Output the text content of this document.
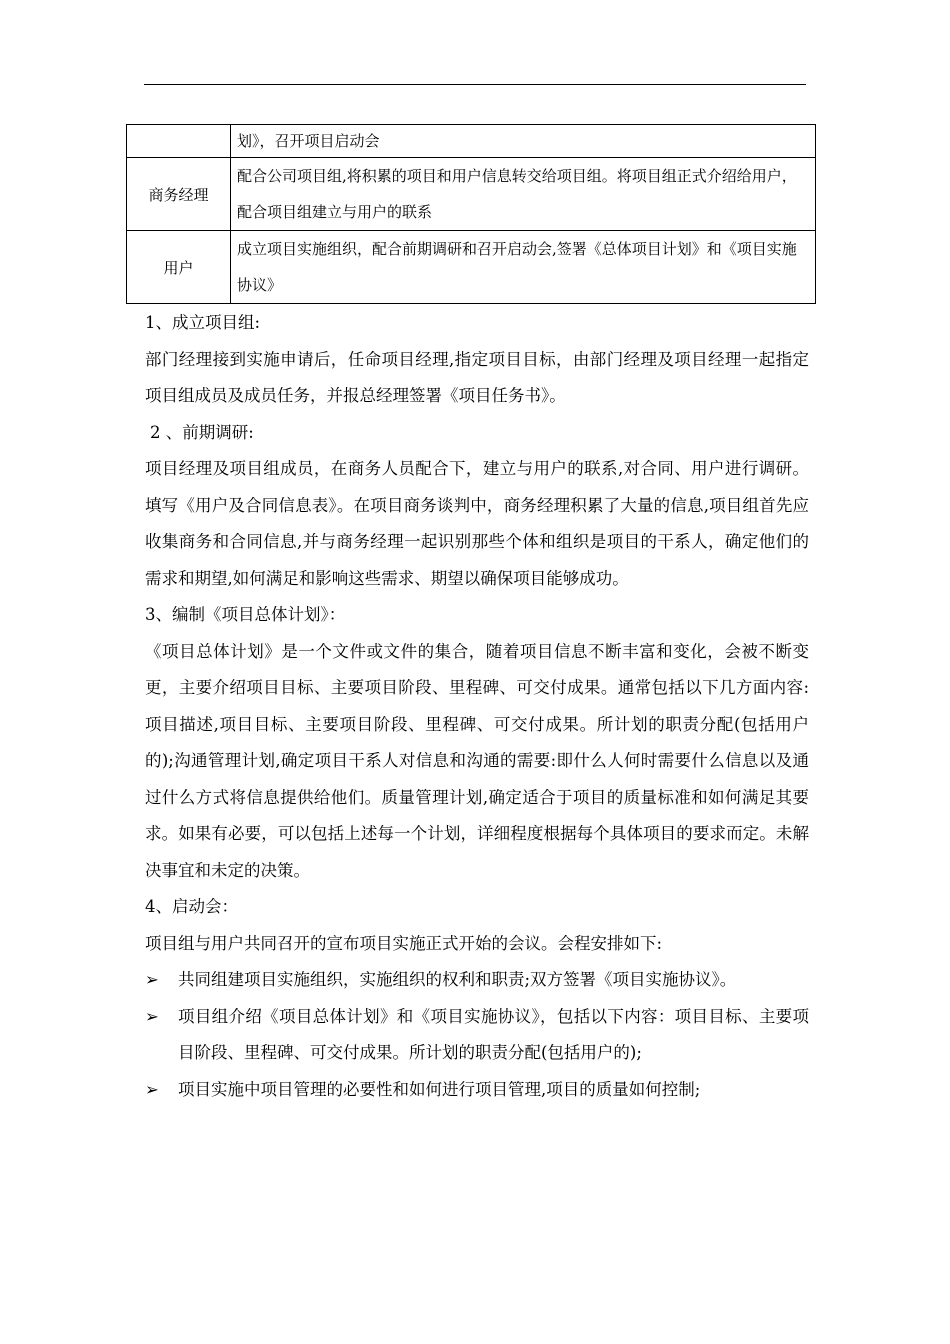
	划》，召开项目启动会
商务经理	配合公司项目组,将积累的项目和用户信息转交给项目组。将项目组正式介绍给用户，配合项目组建立与用户的联系
用户	成立项目实施组织，配合前期调研和召开启动会,签署《总体项目计划》和《项目实施协议》

1、成立项目组:

部门经理接到实施申请后，任命项目经理,指定项目目标，由部门经理及项目经理一起指定项目组成员及成员任务，并报总经理签署《项目任务书》。

2 、前期调研:

项目经理及项目组成员，在商务人员配合下，建立与用户的联系,对合同、用户进行调研。填写《用户及合同信息表》。在项目商务谈判中，商务经理积累了大量的信息,项目组首先应收集商务和合同信息,并与商务经理一起识别那些个体和组织是项目的干系人，确定他们的需求和期望,如何满足和影响这些需求、期望以确保项目能够成功。

3、编制《项目总体计划》：

《项目总体计划》是一个文件或文件的集合，随着项目信息不断丰富和变化，会被不断变更，主要介绍项目目标、主要项目阶段、里程碑、可交付成果。通常包括以下几方面内容:项目描述,项目目标、主要项目阶段、里程碑、可交付成果。所计划的职责分配(包括用户的);沟通管理计划,确定项目干系人对信息和沟通的需要:即什么人何时需要什么信息以及通过什么方式将信息提供给他们。质量管理计划,确定适合于项目的质量标准和如何满足其要求。如果有必要，可以包括上述每一个计划，详细程度根据每个具体项目的要求而定。未解决事宜和未定的决策。

4、启动会：

项目组与用户共同召开的宣布项目实施正式开始的会议。会程安排如下:

➢	共同组建项目实施组织，实施组织的权利和职责;双方签署《项目实施协议》。
➢	项目组介绍《项目总体计划》和《项目实施协议》，包括以下内容：项目目标、主要项目阶段、里程碑、可交付成果。所计划的职责分配(包括用户的);
➢	项目实施中项目管理的必要性和如何进行项目管理,项目的质量如何控制;
